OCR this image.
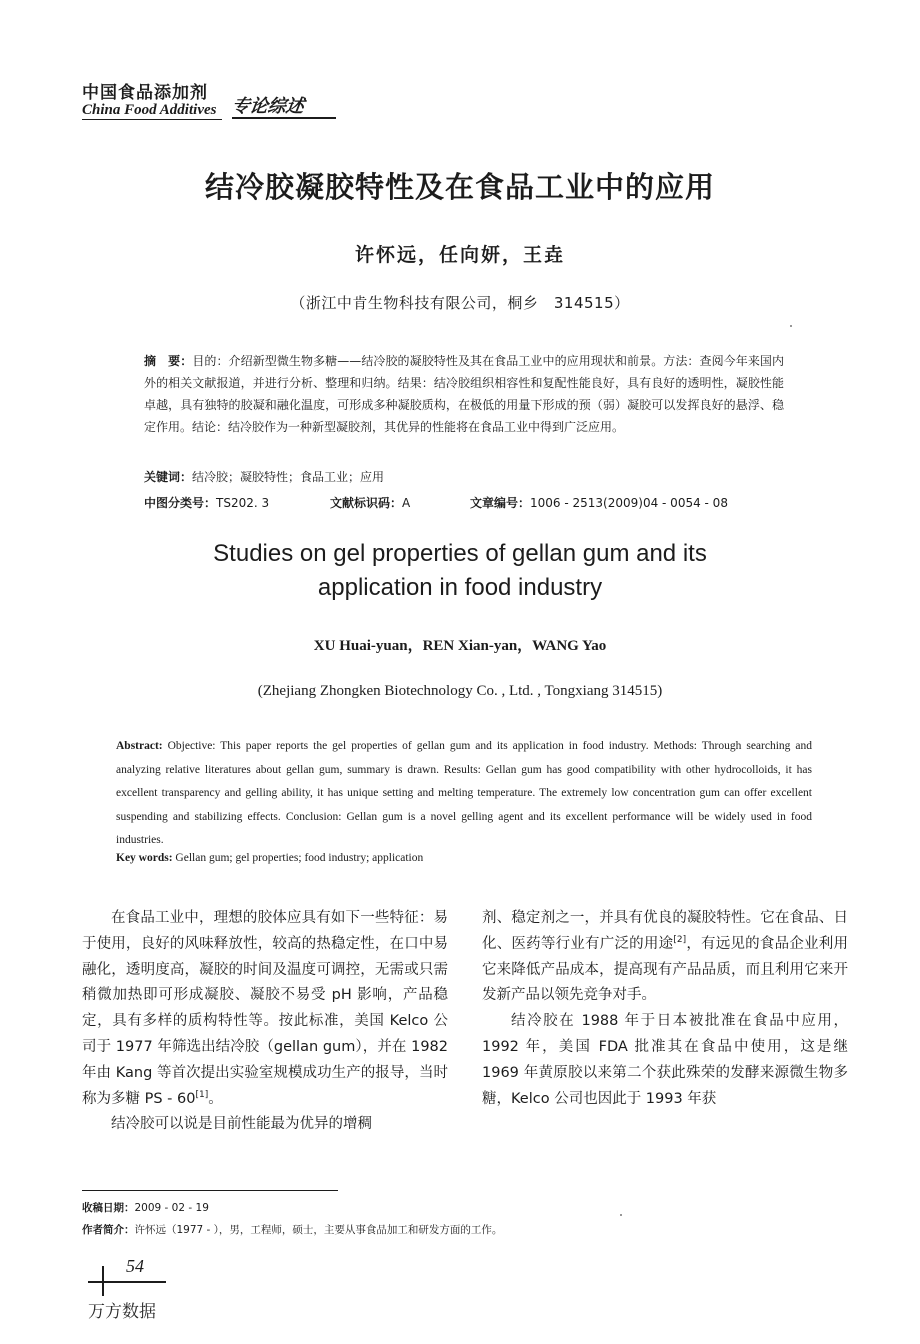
中国食品添加剂
China Food Additives 专论综述
结冷胶凝胶特性及在食品工业中的应用
许怀远，任向妍，王垚
（浙江中肯生物科技有限公司，桐乡　314515）
摘　要：目的：介绍新型微生物多糖——结冷胶的凝胶特性及其在食品工业中的应用现状和前景。方法：查阅今年来国内外的相关文献报道，并进行分析、整理和归纳。结果：结冷胶组织相容性和复配性能良好，具有良好的透明性，凝胶性能卓越，具有独特的胶凝和融化温度，可形成多种凝胶质构，在极低的用量下形成的预（弱）凝胶可以发挥良好的悬浮、稳定作用。结论：结冷胶作为一种新型凝胶剂，其优异的性能将在食品工业中得到广泛应用。
关键词：结冷胶；凝胶特性；食品工业；应用
中图分类号：TS202. 3	文献标识码：A	文章编号：1006 - 2513(2009)04 - 0054 - 08
Studies on gel properties of gellan gum and its
application in food industry
XU Huai-yuan，REN Xian-yan，WANG Yao
(Zhejiang Zhongken Biotechnology Co. , Ltd. , Tongxiang 314515)
Abstract: Objective: This paper reports the gel properties of gellan gum and its application in food industry. Methods: Through searching and analyzing relative literatures about gellan gum, summary is drawn. Results: Gellan gum has good compatibility with other hydrocolloids, it has excellent transparency and gelling ability, it has unique setting and melting temperature. The extremely low concentration gum can offer excellent suspending and stabilizing effects. Conclusion: Gellan gum is a novel gelling agent and its excellent performance will be widely used in food industries.
Key words: Gellan gum; gel properties; food industry; application

在食品工业中，理想的胶体应具有如下一些特征：易于使用，良好的风味释放性，较高的热稳定性，在口中易融化，透明度高，凝胶的时间及温度可调控，无需或只需稍微加热即可形成凝胶、凝胶不易受 pH 影响，产品稳定，具有多样的质构特性等。按此标准，美国 Kelco 公司于 1977 年筛选出结冷胶（gellan gum），并在 1982 年由 Kang 等首次提出实验室规模成功生产的报导，当时称为多糖 PS - 60[1]。

结冷胶可以说是目前性能最为优异的增稠

剂、稳定剂之一，并具有优良的凝胶特性。它在食品、日化、医药等行业有广泛的用途[2]，有远见的食品企业利用它来降低产品成本，提高现有产品品质，而且利用它来开发新产品以领先竞争对手。

结冷胶在 1988 年于日本被批准在食品中应用，1992 年，美国 FDA 批准其在食品中使用，这是继 1969 年黄原胶以来第二个获此殊荣的发酵来源微生物多糖，Kelco 公司也因此于 1993 年获

收稿日期：2009 - 02 - 19
作者简介：许怀远（1977 - ），男，工程师，硕士，主要从事食品加工和研发方面的工作。
54
万方数据
